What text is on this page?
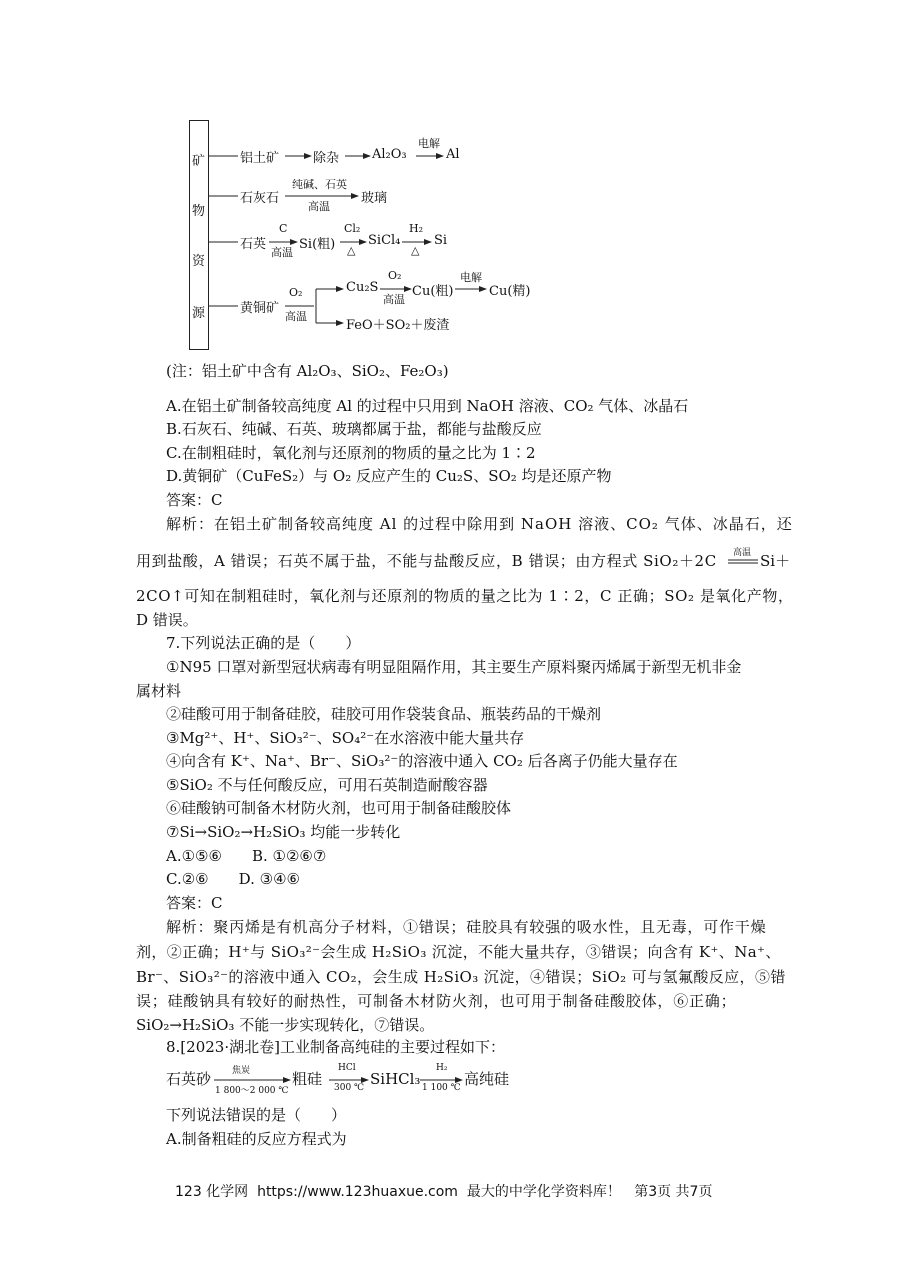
矿
物
资
源
铝土矿	除杂	Al₂O₃
电解
Al
石灰石
纯碱、石英
高温
玻璃
石英
C
高温
Si(粗)
Cl₂
△
SiCl₄
H₂
△
Si
黄铜矿
O₂
高温
Cu₂S
O₂
高温
Cu(粗)
电解
Cu(精)
FeO＋SO₂＋废渣
(注：铝土矿中含有 Al₂O₃、SiO₂、Fe₂O₃)
A.在铝土矿制备较高纯度 Al 的过程中只用到 NaOH 溶液、CO₂ 气体、冰晶石
B.石灰石、纯碱、石英、玻璃都属于盐，都能与盐酸反应
C.在制粗硅时，氧化剂与还原剂的物质的量之比为 1∶2
D.黄铜矿（CuFeS₂）与 O₂ 反应产生的 Cu₂S、SO₂ 均是还原产物
答案：C
解析：在铝土矿制备较高纯度 Al 的过程中除用到 NaOH 溶液、CO₂ 气体、冰晶石，还
用到盐酸，A 错误；石英不属于盐，不能与盐酸反应，B 错误；由方程式 SiO₂＋2C 高温 Si＋
2CO↑可知在制粗硅时，氧化剂与还原剂的物质的量之比为 1∶2，C 正确；SO₂ 是氧化产物，
D 错误。
7.下列说法正确的是（　　）
①N95 口罩对新型冠状病毒有明显阻隔作用，其主要生产原料聚丙烯属于新型无机非金
属材料
②硅酸可用于制备硅胶，硅胶可用作袋装食品、瓶装药品的干燥剂
③Mg²⁺、H⁺、SiO₃²⁻、SO₄²⁻在水溶液中能大量共存
④向含有 K⁺、Na⁺、Br⁻、SiO₃²⁻的溶液中通入 CO₂ 后各离子仍能大量存在
⑤SiO₂ 不与任何酸反应，可用石英制造耐酸容器
⑥硅酸钠可制备木材防火剂，也可用于制备硅酸胶体
⑦Si→SiO₂→H₂SiO₃ 均能一步转化
A.①⑤⑥　　B. ①②⑥⑦
C.②⑥　　D. ③④⑥
答案：C
解析：聚丙烯是有机高分子材料，①错误；硅胶具有较强的吸水性，且无毒，可作干燥
剂，②正确；H⁺与 SiO₃²⁻会生成 H₂SiO₃ 沉淀，不能大量共存，③错误；向含有 K⁺、Na⁺、
Br⁻、SiO₃²⁻的溶液中通入 CO₂，会生成 H₂SiO₃ 沉淀，④错误；SiO₂ 可与氢氟酸反应，⑤错
误；硅酸钠具有较好的耐热性，可制备木材防火剂，也可用于制备硅酸胶体，⑥正确；
SiO₂→H₂SiO₃ 不能一步实现转化，⑦错误。
8.[2023·湖北卷]工业制备高纯硅的主要过程如下：
石英砂 焦炭
1 800～2 000 ℃
粗硅
HCl
300 ℃ SiHCl₃
H₂
1 100 ℃ 高纯硅
下列说法错误的是（　　）
A.制备粗硅的反应方程式为
123 化学网  https://www.123huaxue.com  最大的中学化学资料库！   第3页 共7页
